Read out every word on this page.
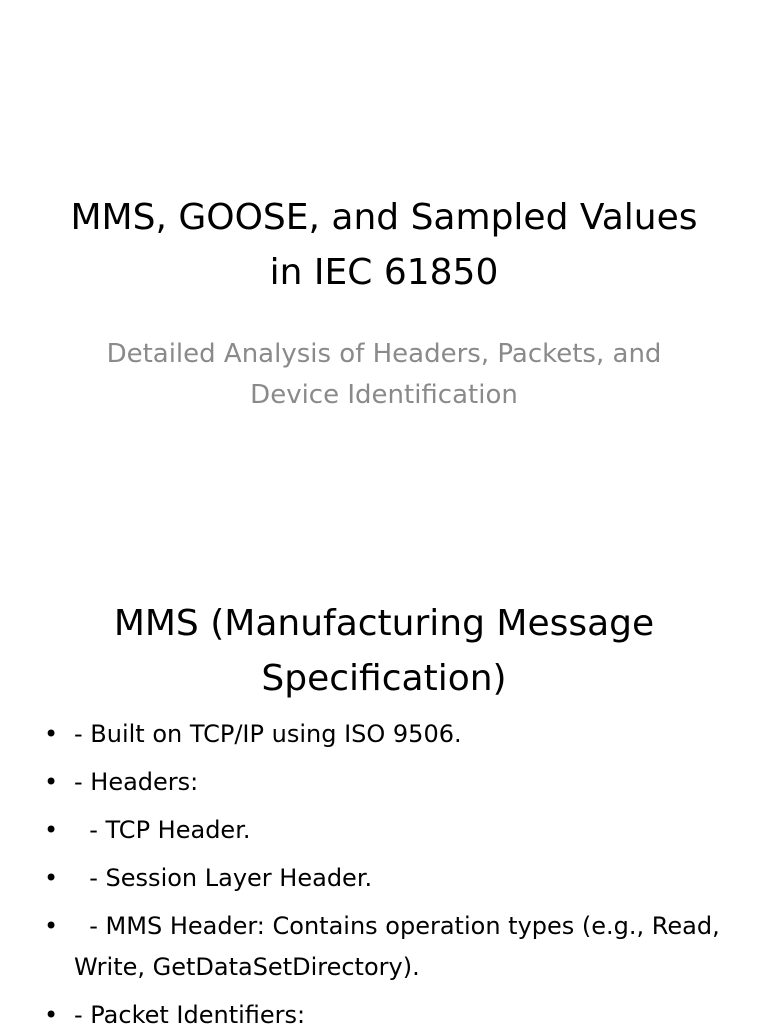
MMS, GOOSE, and Sampled Values in IEC 61850

Detailed Analysis of Headers, Packets, and Device Identification

MMS (Manufacturing Message Specification)
• - Built on TCP/IP using ISO 9506.
• - Headers:
• - TCP Header.
• - Session Layer Header.
• - MMS Header: Contains operation types (e.g., Read, Write, GetDataSetDirectory).
• - Packet Identifiers:
